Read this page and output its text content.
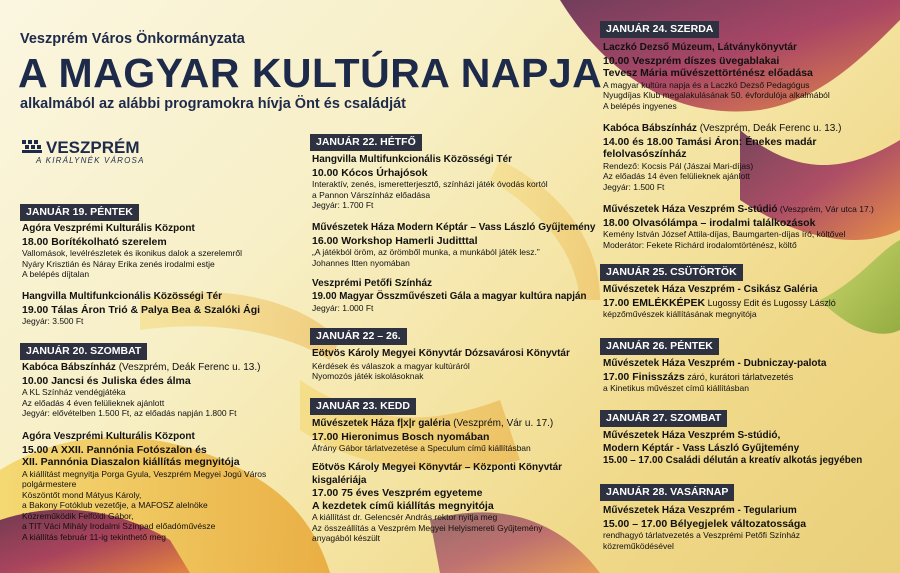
Veszprém Város Önkormányzata
A MAGYAR KULTÚRA NAPJA
alkalmából az alábbi programokra hívja Önt és családját
VESZPRÉM
A KIRÁLYNÉK VÁROSA
JANUÁR 19. PÉNTEK
Agóra Veszprémi Kulturális Központ
18.00 Borítékolható szerelem
Vallomások, levélrészletek és ikonikus dalok a szerelemről
Nyáry Krisztián és Náray Erika zenés irodalmi estje
A belépés díjtalan
Hangvilla Multifunkcionális Közösségi Tér
19.00 Tálas Áron Trió & Palya Bea & Szalóki Ági
Jegyár: 3.500 Ft
JANUÁR 20. SZOMBAT
Kabóca Bábszínház (Veszprém, Deák Ferenc u. 13.)
10.00 Jancsi és Juliska édes álma
A KL Színház vendégjátéka
Az előadás 4 éven felülieknek ajánlott
Jegyár: elővételben 1.500 Ft, az előadás napján 1.800 Ft
Agóra Veszprémi Kulturális Központ
15.00 A XXII. Pannónia Fotószalon és
XII. Pannónia Diaszalon kiállítás megnyitója
A kiállítást megnyitja Porga Gyula, Veszprém Megyei Jogú Város
polgármestere
Köszöntőt mond Mátyus Károly,
a Bakony Fotóklub vezetője, a MAFOSZ alelnöke
Közreműködik Felföldi Gábor,
a TIT Váci Mihály Irodalmi Színpad előadóművésze
A kiállítás február 11-ig tekinthető meg
JANUÁR 22. HÉTFŐ
Hangvilla Multifunkcionális Közösségi Tér
10.00 Kócos Úrhajósok
Interaktív, zenés, ismeretterjesztő, színházi játék óvodás kortól
a Pannon Várszínház előadása
Jegyár: 1.700 Ft
Művészetek Háza Modern Képtár – Vass László Gyűjtemény
16.00 Workshop Hamerli Juditttal
„A játékból öröm, az örömből munka, a munkából játék lesz.”
Johannes Itten nyomában
Veszprémi Petőfi Színház
19.00 Magyar Összművészeti Gála a magyar kultúra napján
Jegyár: 1.000 Ft
JANUÁR 22 – 26.
Eötvös Károly Megyei Könyvtár Dózsavárosi Könyvtár
Kérdések és válaszok a magyar kultúráról
Nyomozós játék iskolásoknak
JANUÁR 23. KEDD
Művészetek Háza f|x|r galéria (Veszprém, Vár u. 17.)
17.00 Hieronimus Bosch nyomában
Áfrány Gábor tárlatvezetése a Speculum című kiállításban
Eötvös Károly Megyei Könyvtár – Központi Könyvtár
kisgalériája
17.00 75 éves Veszprém egyeteme
A kezdetek című kiállítás megnyitója
A kiállítást dr. Gelencsér András rektor nyitja meg
Az összeállítás a Veszprém Megyei Helyismereti Gyűjtemény
anyagából készült
JANUÁR 24. SZERDA
Laczkó Dezső Múzeum, Látványkönyvtár
10.00 Veszprém díszes üvegablakai
Tevesz Mária művészettörténész előadása
A magyar kultúra napja és a Laczkó Dezső Pedagógus
Nyugdíjas Klub megalakulásának 50. évfordulója alkalmából
A belépés ingyenes
Kabóca Bábszínház (Veszprém, Deák Ferenc u. 13.)
14.00 és 18.00 Tamási Áron: Énekes madár
felolvasószínház
Rendező: Kocsis Pál (Jászai Mari-díjas)
Az előadás 14 éven felülieknek ajánlott
Jegyár: 1.500 Ft
Művészetek Háza Veszprém S-stúdió (Veszprém, Vár utca 17.)
18.00 Olvasólámpa – irodalmi találkozások
Kemény István József Attila-díjas, Baumgarten-díjas író, költővel
Moderátor: Fekete Richárd irodalomtörténész, költő
JANUÁR 25. CSÜTÖRTÖK
Művészetek Háza Veszprém - Csikász Galéria
17.00 EMLÉKKÉPEK Lugossy Edit és Lugossy László
képzőművészek kiállításának megnyitója
JANUÁR 26. PÉNTEK
Művészetek Háza Veszprém - Dubniczay-palota
17.00 Finisszázs záró, kurátori tárlatvezetés
a Kinetikus művészet című kiállításban
JANUÁR 27. SZOMBAT
Művészetek Háza Veszprém S-stúdió,
Modern Képtár - Vass László Gyűjtemény
15.00 – 17.00 Családi délután a kreatív alkotás jegyében
JANUÁR 28. VASÁRNAP
Művészetek Háza Veszprém - Tegularium
15.00 – 17.00 Bélyegjelek változatossága
rendhagyó tárlatvezetés a Veszprémi Petőfi Színház
közreműködésével
